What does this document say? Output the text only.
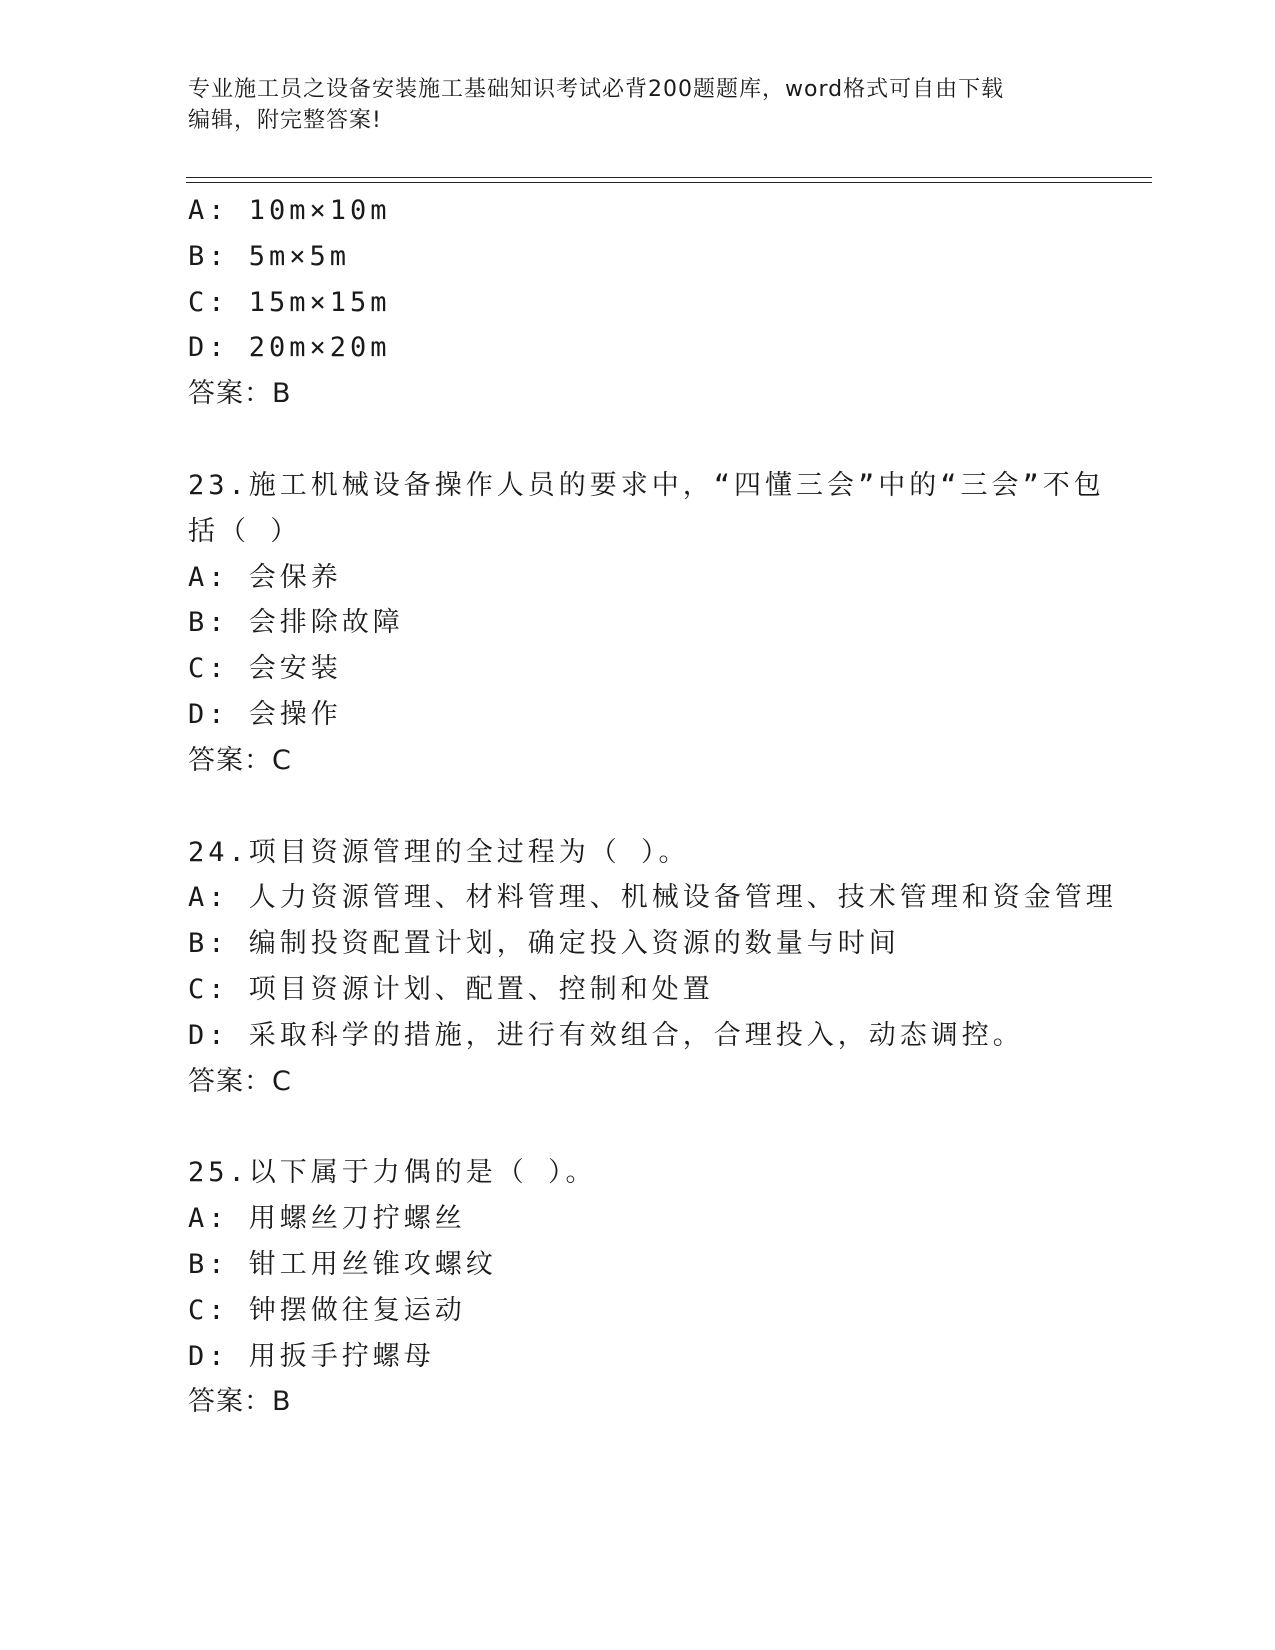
专业施工员之设备安装施工基础知识考试必背200题题库，word格式可自由下载
编辑，附完整答案!
A: 10m×10m
B: 5m×5m
C: 15m×15m
D: 20m×20m
答案：B
23.施工机械设备操作人员的要求中，“四懂三会”中的“三会”不包
括（ ）
A: 会保养
B: 会排除故障
C: 会安装
D: 会操作
答案：C
24.项目资源管理的全过程为（ ）。
A: 人力资源管理、材料管理、机械设备管理、技术管理和资金管理
B: 编制投资配置计划，确定投入资源的数量与时间
C: 项目资源计划、配置、控制和处置
D: 采取科学的措施，进行有效组合，合理投入，动态调控。
答案：C
25.以下属于力偶的是（ ）。
A: 用螺丝刀拧螺丝
B: 钳工用丝锥攻螺纹
C: 钟摆做往复运动
D: 用扳手拧螺母
答案：B
